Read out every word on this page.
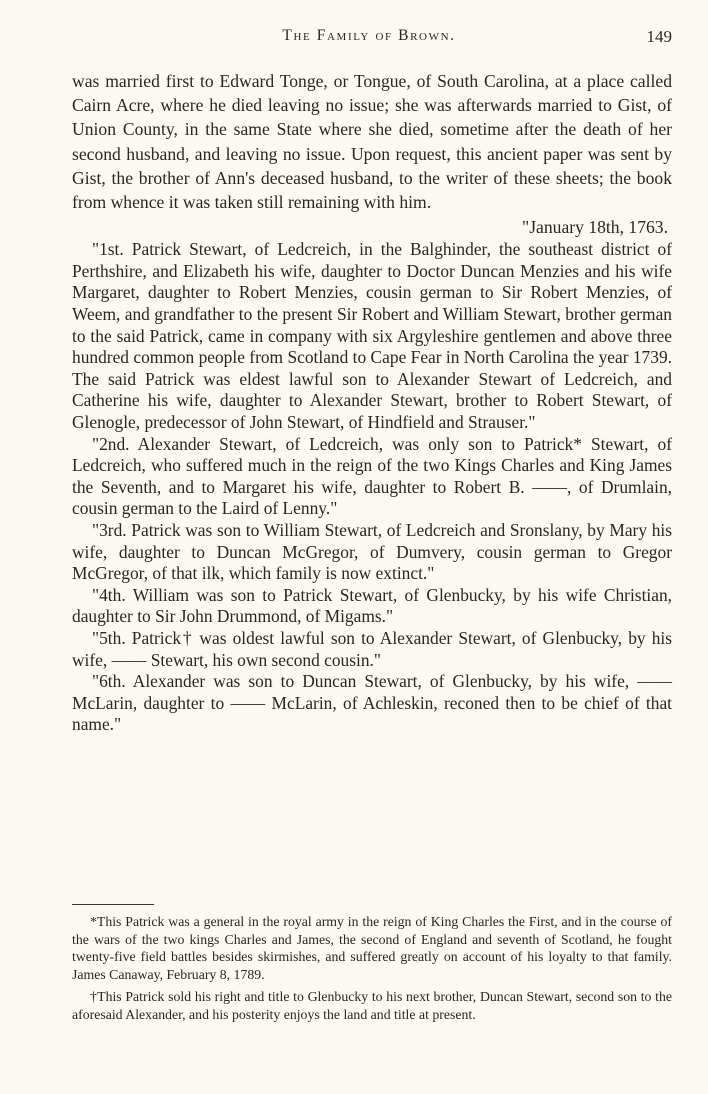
The Family of Brown.	149

was married first to Edward Tonge, or Tongue, of South Carolina, at a place called Cairn Acre, where he died leaving no issue; she was afterwards married to Gist, of Union County, in the same State where she died, sometime after the death of her second husband, and leaving no issue. Upon request, this ancient paper was sent by Gist, the brother of Ann's deceased husband, to the writer of these sheets; the book from whence it was taken still remaining with him.

"January 18th, 1763.

"1st. Patrick Stewart, of Ledcreich, in the Balghinder, the southeast district of Perthshire, and Elizabeth his wife, daughter to Doctor Duncan Menzies and his wife Margaret, daughter to Robert Menzies, cousin german to Sir Robert Menzies, of Weem, and grandfather to the present Sir Robert and William Stewart, brother german to the said Patrick, came in company with six Argyleshire gentlemen and above three hundred common people from Scotland to Cape Fear in North Carolina the year 1739. The said Patrick was eldest lawful son to Alexander Stewart of Ledcreich, and Catherine his wife, daughter to Alexander Stewart, brother to Robert Stewart, of Glenogle, predecessor of John Stewart, of Hindfield and Strauser."

"2nd. Alexander Stewart, of Ledcreich, was only son to Patrick* Stewart, of Ledcreich, who suffered much in the reign of the two Kings Charles and King James the Seventh, and to Margaret his wife, daughter to Robert B. ——, of Drumlain, cousin german to the Laird of Lenny."

"3rd. Patrick was son to William Stewart, of Ledcreich and Sronslany, by Mary his wife, daughter to Duncan McGregor, of Dumvery, cousin german to Gregor McGregor, of that ilk, which family is now extinct."

"4th. William was son to Patrick Stewart, of Glenbucky, by his wife Christian, daughter to Sir John Drummond, of Migams."

"5th. Patrick† was oldest lawful son to Alexander Stewart, of Glenbucky, by his wife, —— Stewart, his own second cousin."

"6th. Alexander was son to Duncan Stewart, of Glenbucky, by his wife, —— McLarin, daughter to —— McLarin, of Achleskin, reconed then to be chief of that name."

*This Patrick was a general in the royal army in the reign of King Charles the First, and in the course of the wars of the two kings Charles and James, the second of England and seventh of Scotland, he fought twenty-five field battles besides skirmishes, and suffered greatly on account of his loyalty to that family. James Canaway, February 8, 1789.

†This Patrick sold his right and title to Glenbucky to his next brother, Duncan Stewart, second son to the aforesaid Alexander, and his posterity enjoys the land and title at present.
